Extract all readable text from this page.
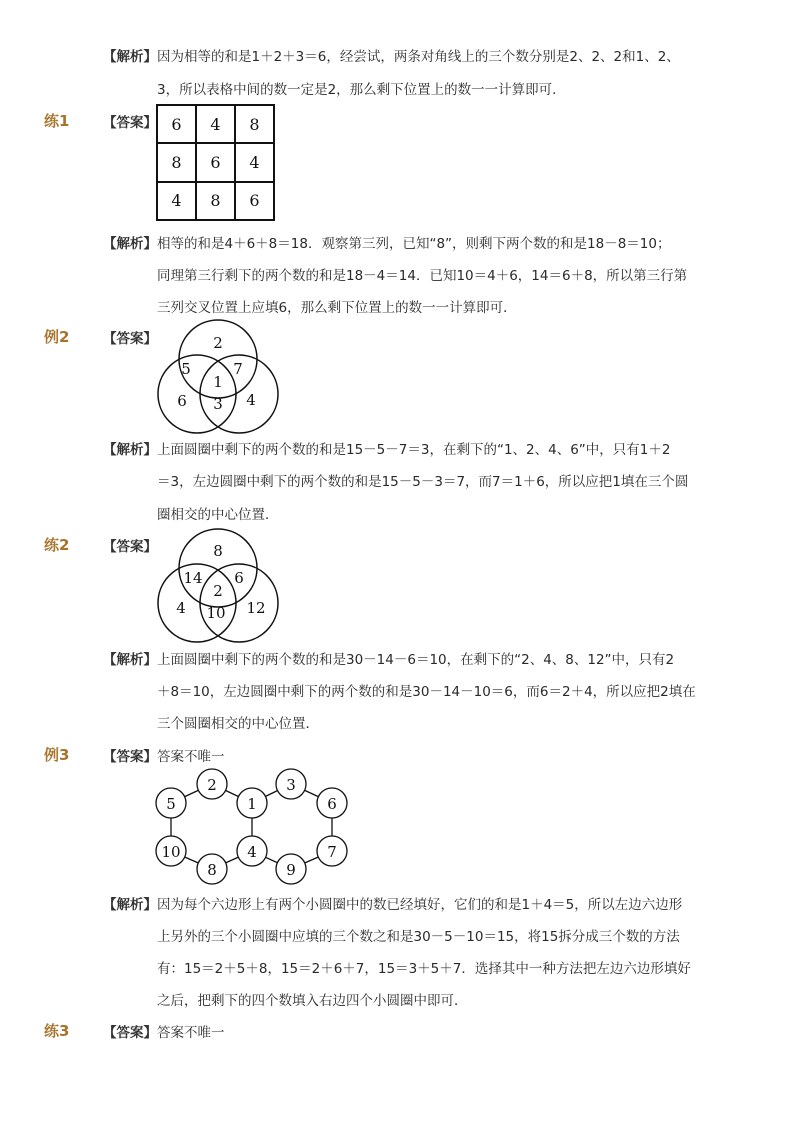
【解析】 因为相等的和是1＋2＋3＝6，经尝试，两条对角线上的三个数分别是2、2、2和1、2、
3，所以表格中间的数一定是2，那么剩下位置上的数一一计算即可．
练1 【答案】 6	4	8
8	6	4
4	8	6
【解析】 相等的和是4＋6＋8＝18．观察第三列，已知“8”，则剩下两个数的和是18－8＝10；
同理第三行剩下的两个数的和是18－4＝14．已知10＝4＋6，14＝6＋8，所以第三行第
三列交叉位置上应填6，那么剩下位置上的数一一计算即可．
例2 【答案】	2
5	7
1
6 3 4
【解析】 上面圆圈中剩下的两个数的和是15－5－7＝3，在剩下的“1、2、4、6”中，只有1＋2
＝3，左边圆圈中剩下的两个数的和是15－5－3＝7，而7＝1＋6，所以应把1填在三个圆
圈相交的中心位置．
练2 【答案】	8
14 6
2
4 10 12
【解析】 上面圆圈中剩下的两个数的和是30－14－6＝10，在剩下的“2、4、8、12”中，只有2
＋8＝10，左边圆圈中剩下的两个数的和是30－14－10＝6，而6＝2＋4，所以应把2填在
三个圆圈相交的中心位置．
例3 【答案】 答案不唯一
5
2
1
3
6
10
8
4
9
7
【解析】 因为每个六边形上有两个小圆圈中的数已经填好，它们的和是1＋4＝5，所以左边六边形
上另外的三个小圆圈中应填的三个数之和是30－5－10＝15，将15拆分成三个数的方法
有：15＝2＋5＋8，15＝2＋6＋7，15＝3＋5＋7．选择其中一种方法把左边六边形填好
之后，把剩下的四个数填入右边四个小圆圈中即可．
练3 【答案】 答案不唯一
